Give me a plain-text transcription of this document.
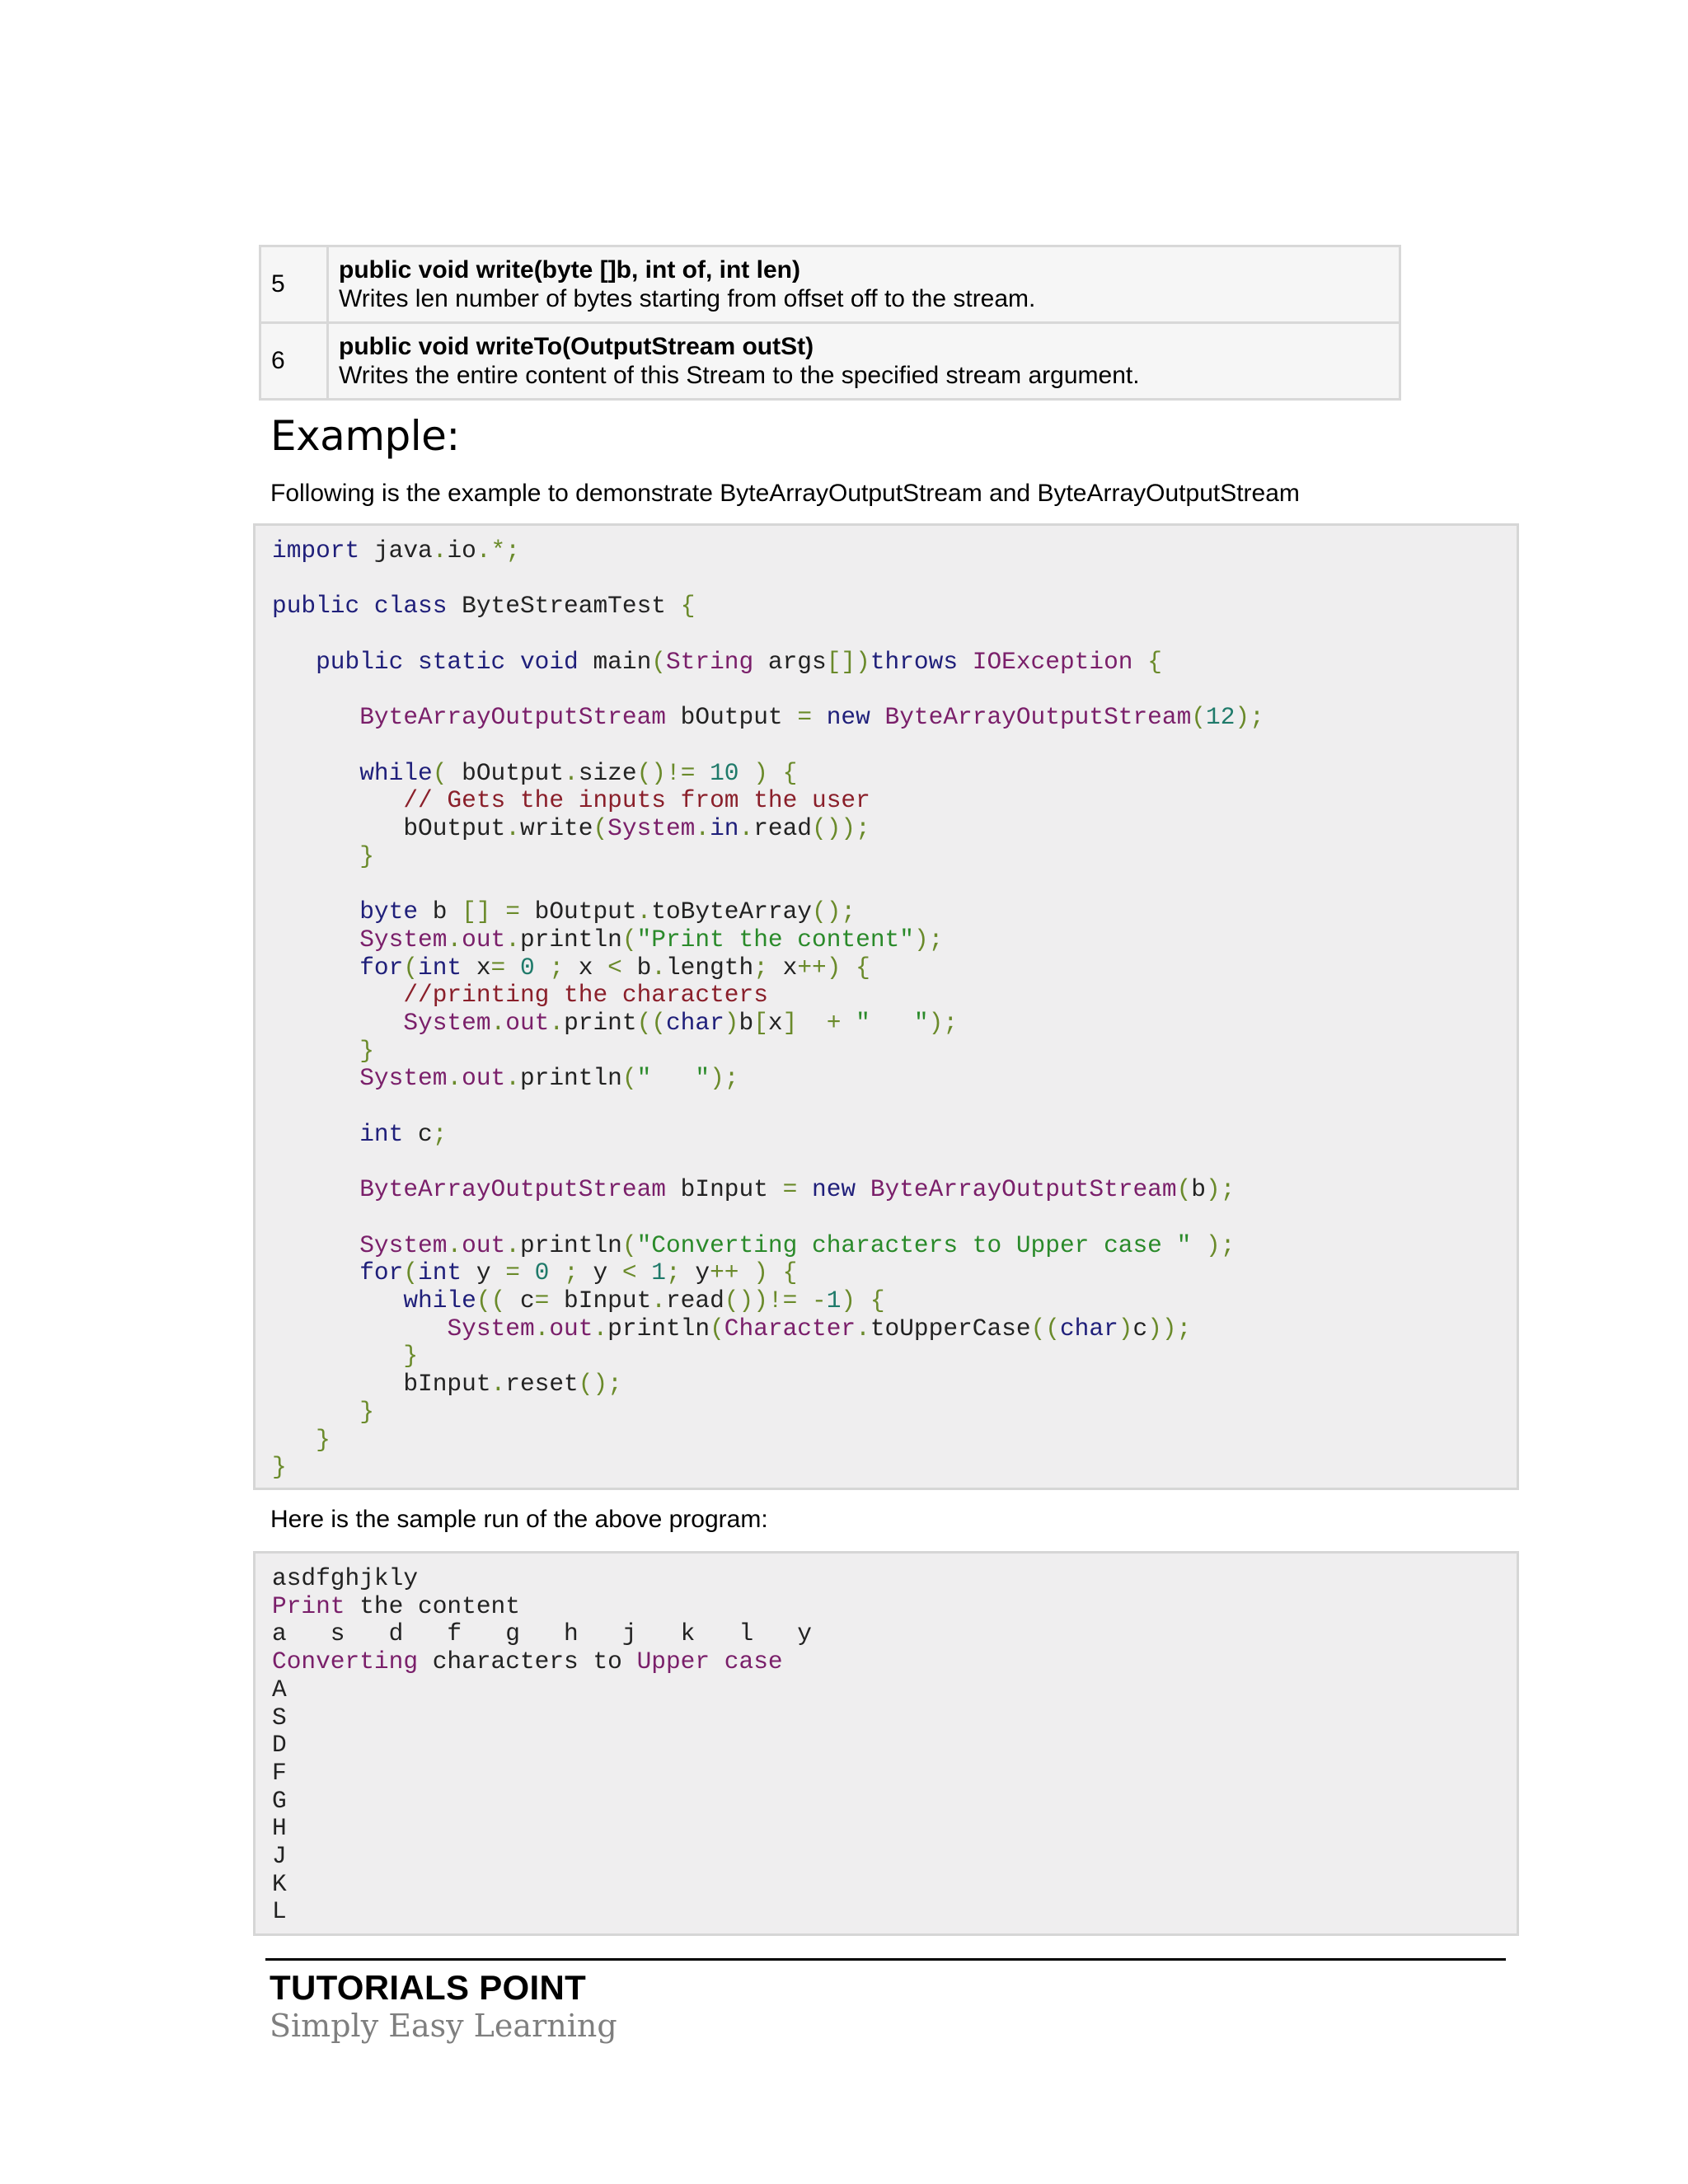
5	public void write(byte []b, int of, int len)
Writes len number of bytes starting from offset off to the stream.

6	public void writeTo(OutputStream outSt)
Writes the entire content of this Stream to the specified stream argument.
Example:

Following is the example to demonstrate ByteArrayOutputStream and ByteArrayOutputStream

import java.io.*;

public class ByteStreamTest {

public static void main(String args[])throws IOException {

ByteArrayOutputStream bOutput = new ByteArrayOutputStream(12);

while( bOutput.size()!= 10 ) {
// Gets the inputs from the user
bOutput.write(System.in.read());
}

byte b [] = bOutput.toByteArray();
System.out.println("Print the content");
for(int x= 0 ; x < b.length; x++) {
//printing the characters
System.out.print((char)b[x] + "   ");
}
System.out.println("   ");

int c;

ByteArrayOutputStream bInput = new ByteArrayOutputStream(b);

System.out.println("Converting characters to Upper case " );
for(int y = 0 ; y < 1; y++ ) {
while(( c= bInput.read())!= -1) {
System.out.println(Character.toUpperCase((char)c));
}
bInput.reset();
}
}
}

Here is the sample run of the above program:

asdfghjkly
Print the content
a   s   d   f   g   h   j   k   l   y
Converting characters to Upper case
A
S
D
F
G
H
J
K
L

TUTORIALS POINT

Simply Easy Learning
